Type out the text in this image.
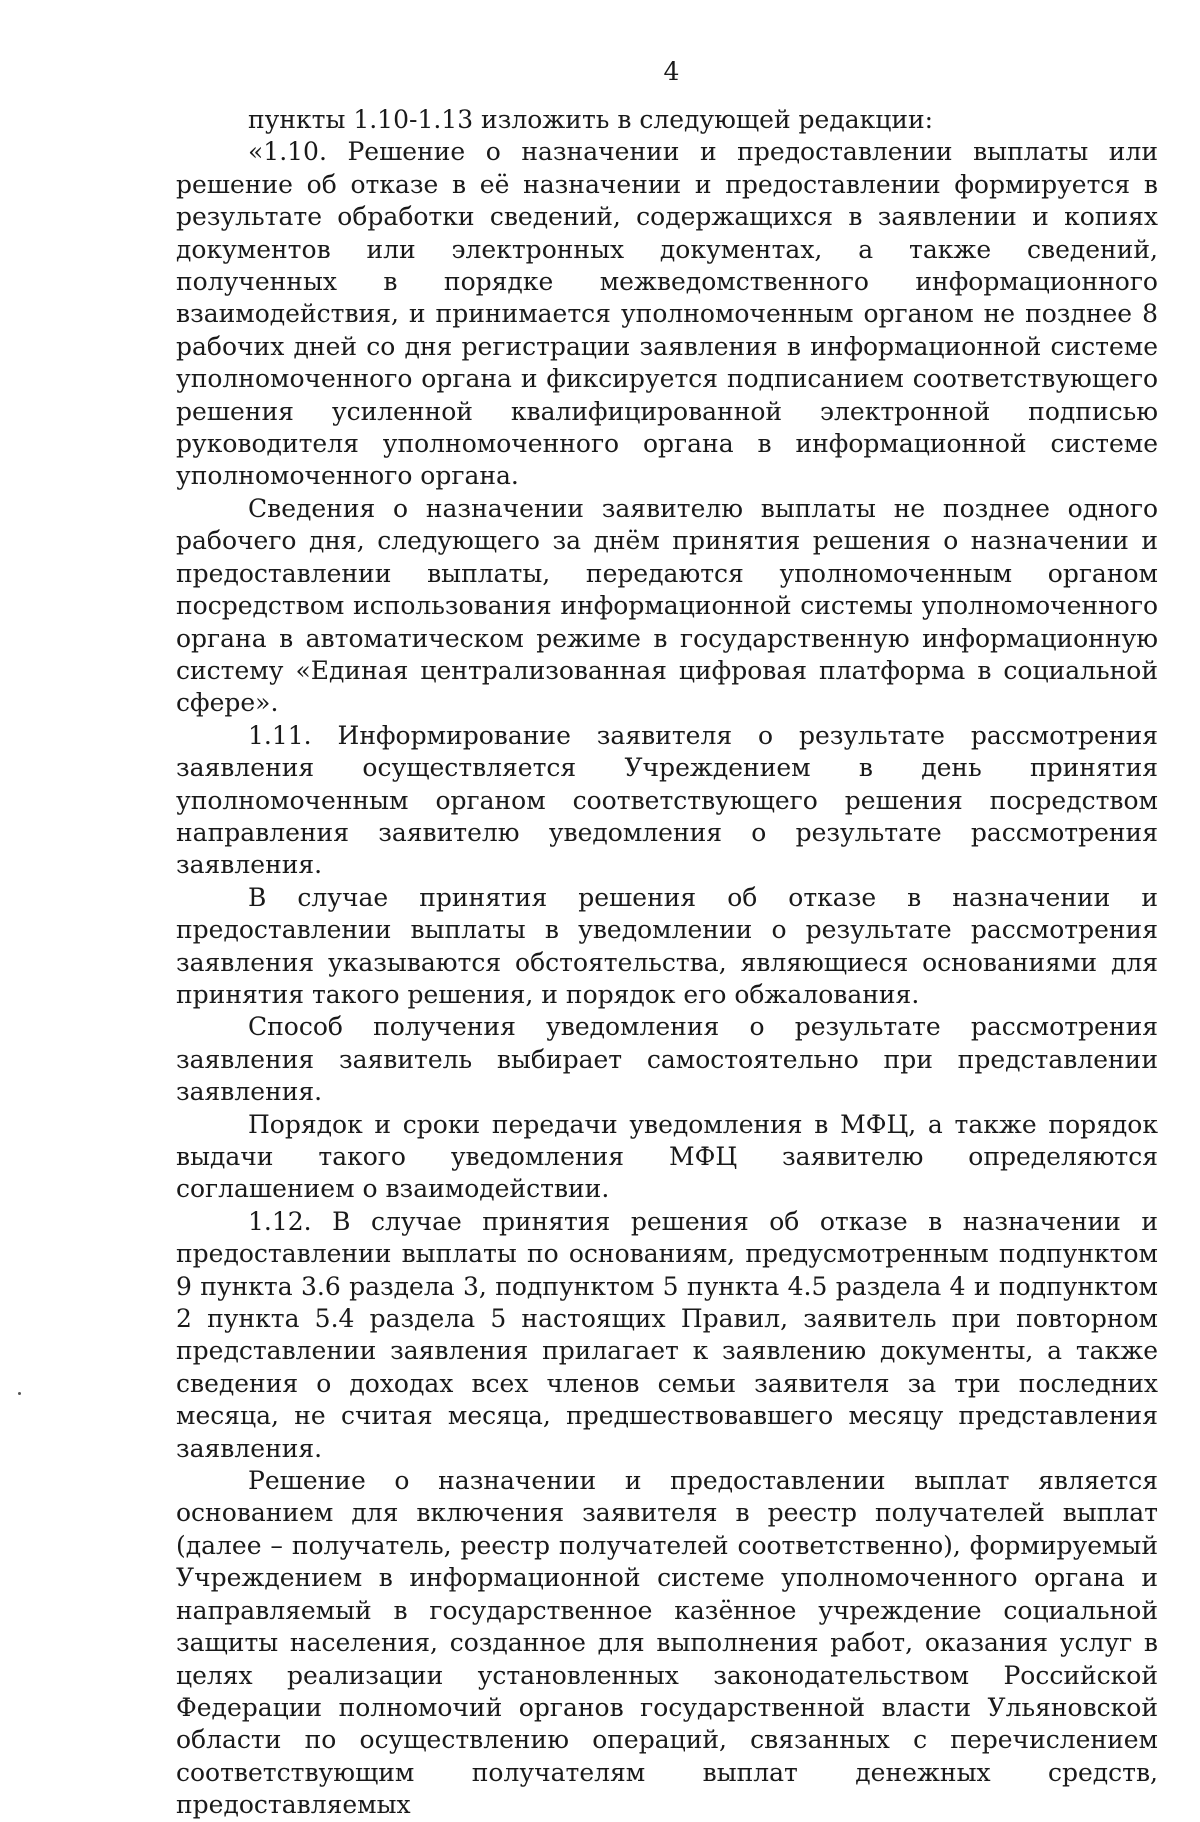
4

пункты 1.10-1.13 изложить в следующей редакции:

«1.10. Решение о назначении и предоставлении выплаты или решение об отказе в её назначении и предоставлении формируется в результате обработки сведений, содержащихся в заявлении и копиях документов или электронных документах, а также сведений, полученных в порядке межведомственного информационного взаимодействия, и принимается уполномоченным органом не позднее 8 рабочих дней со дня регистрации заявления в информационной системе уполномоченного органа и фиксируется подписанием соответствующего решения усиленной квалифицированной электронной подписью руководителя уполномоченного органа в информационной системе уполномоченного органа.

Сведения о назначении заявителю выплаты не позднее одного рабочего дня, следующего за днём принятия решения о назначении и предоставлении выплаты, передаются уполномоченным органом посредством использования информационной системы уполномоченного органа в автоматическом режиме в государственную информационную систему «Единая централизованная цифровая платформа в социальной сфере».

1.11. Информирование заявителя о результате рассмотрения заявления осуществляется Учреждением в день принятия уполномоченным органом соответствующего решения посредством направления заявителю уведомления о результате рассмотрения заявления.

В случае принятия решения об отказе в назначении и предоставлении выплаты в уведомлении о результате рассмотрения заявления указываются обстоятельства, являющиеся основаниями для принятия такого решения, и порядок его обжалования.

Способ получения уведомления о результате рассмотрения заявления заявитель выбирает самостоятельно при представлении заявления.

Порядок и сроки передачи уведомления в МФЦ, а также порядок выдачи такого уведомления МФЦ заявителю определяются соглашением о взаимодействии.

1.12. В случае принятия решения об отказе в назначении и предоставлении выплаты по основаниям, предусмотренным подпунктом 9 пункта 3.6 раздела 3, подпунктом 5 пункта 4.5 раздела 4 и подпунктом 2 пункта 5.4 раздела 5 настоящих Правил, заявитель при повторном представлении заявления прилагает к заявлению документы, а также сведения о доходах всех членов семьи заявителя за три последних месяца, не считая месяца, предшествовавшего месяцу представления заявления.

Решение о назначении и предоставлении выплат является основанием для включения заявителя в реестр получателей выплат (далее – получатель, реестр получателей соответственно), формируемый Учреждением в информационной системе уполномоченного органа и направляемый в государственное казённое учреждение социальной защиты населения, созданное для выполнения работ, оказания услуг в целях реализации установленных законодательством Российской Федерации полномочий органов государственной власти Ульяновской области по осуществлению операций, связанных с перечислением соответствующим получателям выплат денежных средств, предоставляемых
